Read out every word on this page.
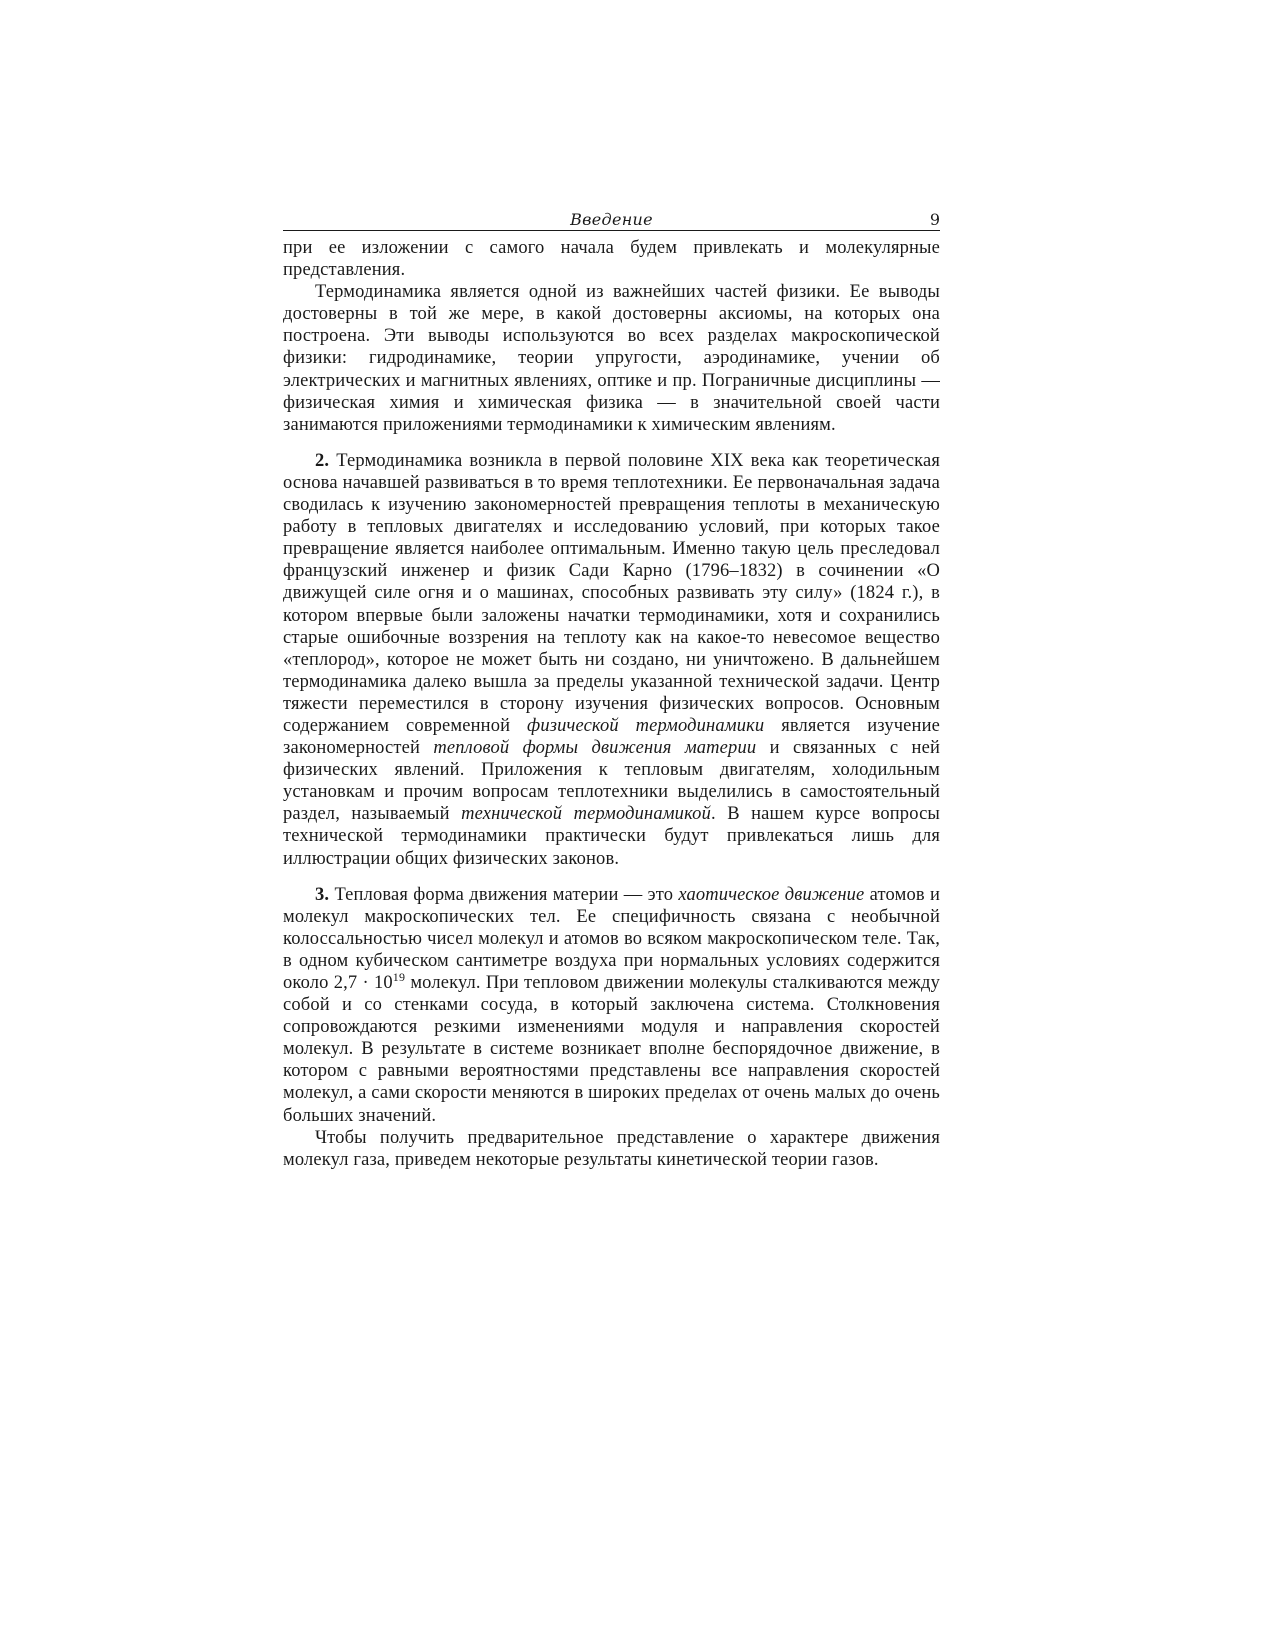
Введение	9

при ее изложении с самого начала будем привлекать и молекулярные представления.

Термодинамика является одной из важнейших частей физики. Ее выводы достоверны в той же мере, в какой достоверны аксиомы, на которых она построена. Эти выводы используются во всех разделах макроскопической физики: гидродинамике, теории упругости, аэродинамике, учении об электрических и магнитных явлениях, оптике и пр. Пограничные дисциплины — физическая химия и химическая физика — в значительной своей части занимаются приложениями термодинамики к химическим явлениям.

2. Термодинамика возникла в первой половине XIX века как теоретическая основа начавшей развиваться в то время теплотехники. Ее первоначальная задача сводилась к изучению закономерностей превращения теплоты в механическую работу в тепловых двигателях и исследованию условий, при которых такое превращение является наиболее оптимальным. Именно такую цель преследовал французский инженер и физик Сади Карно (1796–1832) в сочинении «О движущей силе огня и о машинах, способных развивать эту силу» (1824 г.), в котором впервые были заложены начатки термодинамики, хотя и сохранились старые ошибочные воззрения на теплоту как на какое-то невесомое вещество «теплород», которое не может быть ни создано, ни уничтожено. В дальнейшем термодинамика далеко вышла за пределы указанной технической задачи. Центр тяжести переместился в сторону изучения физических вопросов. Основным содержанием современной физической термодинамики является изучение закономерностей тепловой формы движения материи и связанных с ней физических явлений. Приложения к тепловым двигателям, холодильным установкам и прочим вопросам теплотехники выделились в самостоятельный раздел, называемый технической термодинамикой. В нашем курсе вопросы технической термодинамики практически будут привлекаться лишь для иллюстрации общих физических законов.

3. Тепловая форма движения материи — это хаотическое движение атомов и молекул макроскопических тел. Ее специфичность связана с необычной колоссальностью чисел молекул и атомов во всяком макроскопическом теле. Так, в одном кубическом сантиметре воздуха при нормальных условиях содержится около $2,7 \cdot 10^{19}$ молекул. При тепловом движении молекулы сталкиваются между собой и со стенками сосуда, в который заключена система. Столкновения сопровождаются резкими изменениями модуля и направления скоростей молекул. В результате в системе возникает вполне беспорядочное движение, в котором с равными вероятностями представлены все направления скоростей молекул, а сами скорости меняются в широких пределах от очень малых до очень больших значений.

Чтобы получить предварительное представление о характере движения молекул газа, приведем некоторые результаты кинетической теории газов.
